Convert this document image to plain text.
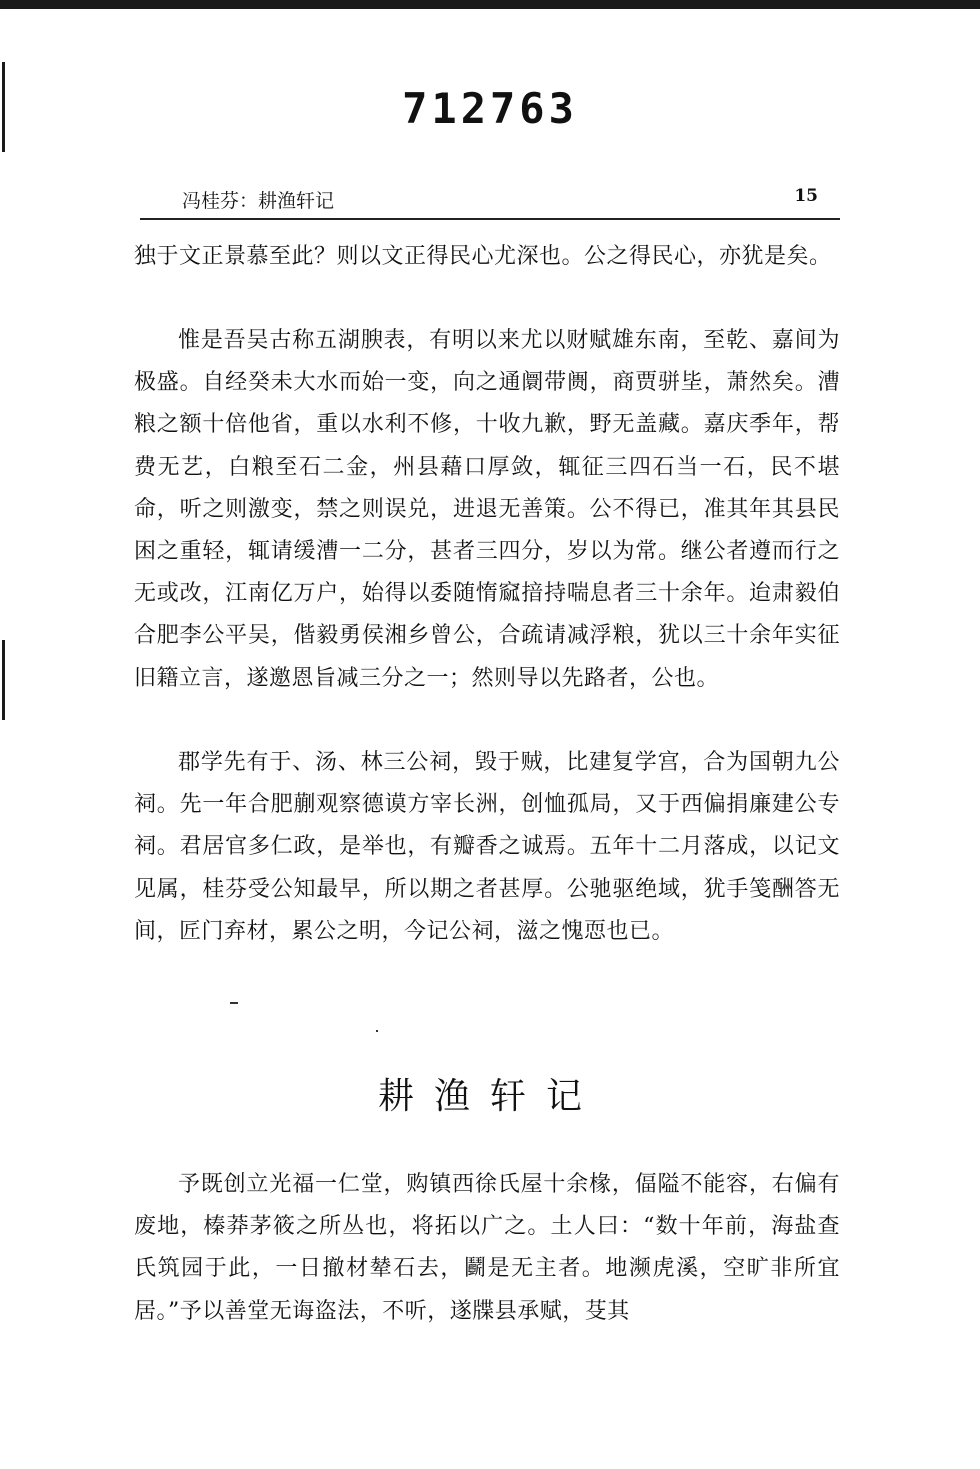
712763
冯桂芬：耕渔轩记	15

独于文正景慕至此？则以文正得民心尤深也。公之得民心，亦犹是矣。

惟是吾吴古称五湖腴表，有明以来尤以财赋雄东南，至乾、嘉间为极盛。自经癸未大水而始一变，向之通阛带阓，商贾骈坒，萧然矣。漕粮之额十倍他省，重以水利不修，十收九歉，野无盖藏。嘉庆季年，帮费无艺，白粮至石二金，州县藉口厚敛，辄征三四石当一石，民不堪命，听之则激变，禁之则误兑，进退无善策。公不得已，准其年其县民困之重轻，辄请缓漕一二分，甚者三四分，岁以为常。继公者遵而行之无或改，江南亿万户，始得以委随惰窳揞持喘息者三十余年。迨肃毅伯合肥李公平吴，偕毅勇侯湘乡曾公，合疏请减浮粮，犹以三十余年实征旧籍立言，遂邀恩旨减三分之一；然则导以先路者，公也。

郡学先有于、汤、林三公祠，毁于贼，比建复学宫，合为国朝九公祠。先一年合肥蒯观察德谟方宰长洲，创恤孤局，又于西偏捐廉建公专祠。君居官多仁政，是举也，有瓣香之诚焉。五年十二月落成，以记文见属，桂芬受公知最早，所以期之者甚厚。公驰驱绝域，犹手笺酬答无间，匠门弃材，累公之明，今记公祠，滋之愧恧也已。

耕渔轩记

予既创立光福一仁堂，购镇西徐氏屋十余椽，偪隘不能容，右偏有废地，榛莽茅筱之所丛也，将拓以广之。土人曰：“数十年前，海盐查氏筑园于此，一日撤材辇石去，鬬是无主者。地濒虎溪，空旷非所宜居。”予以善堂无诲盗法，不听，遂牒县承赋，芟其
